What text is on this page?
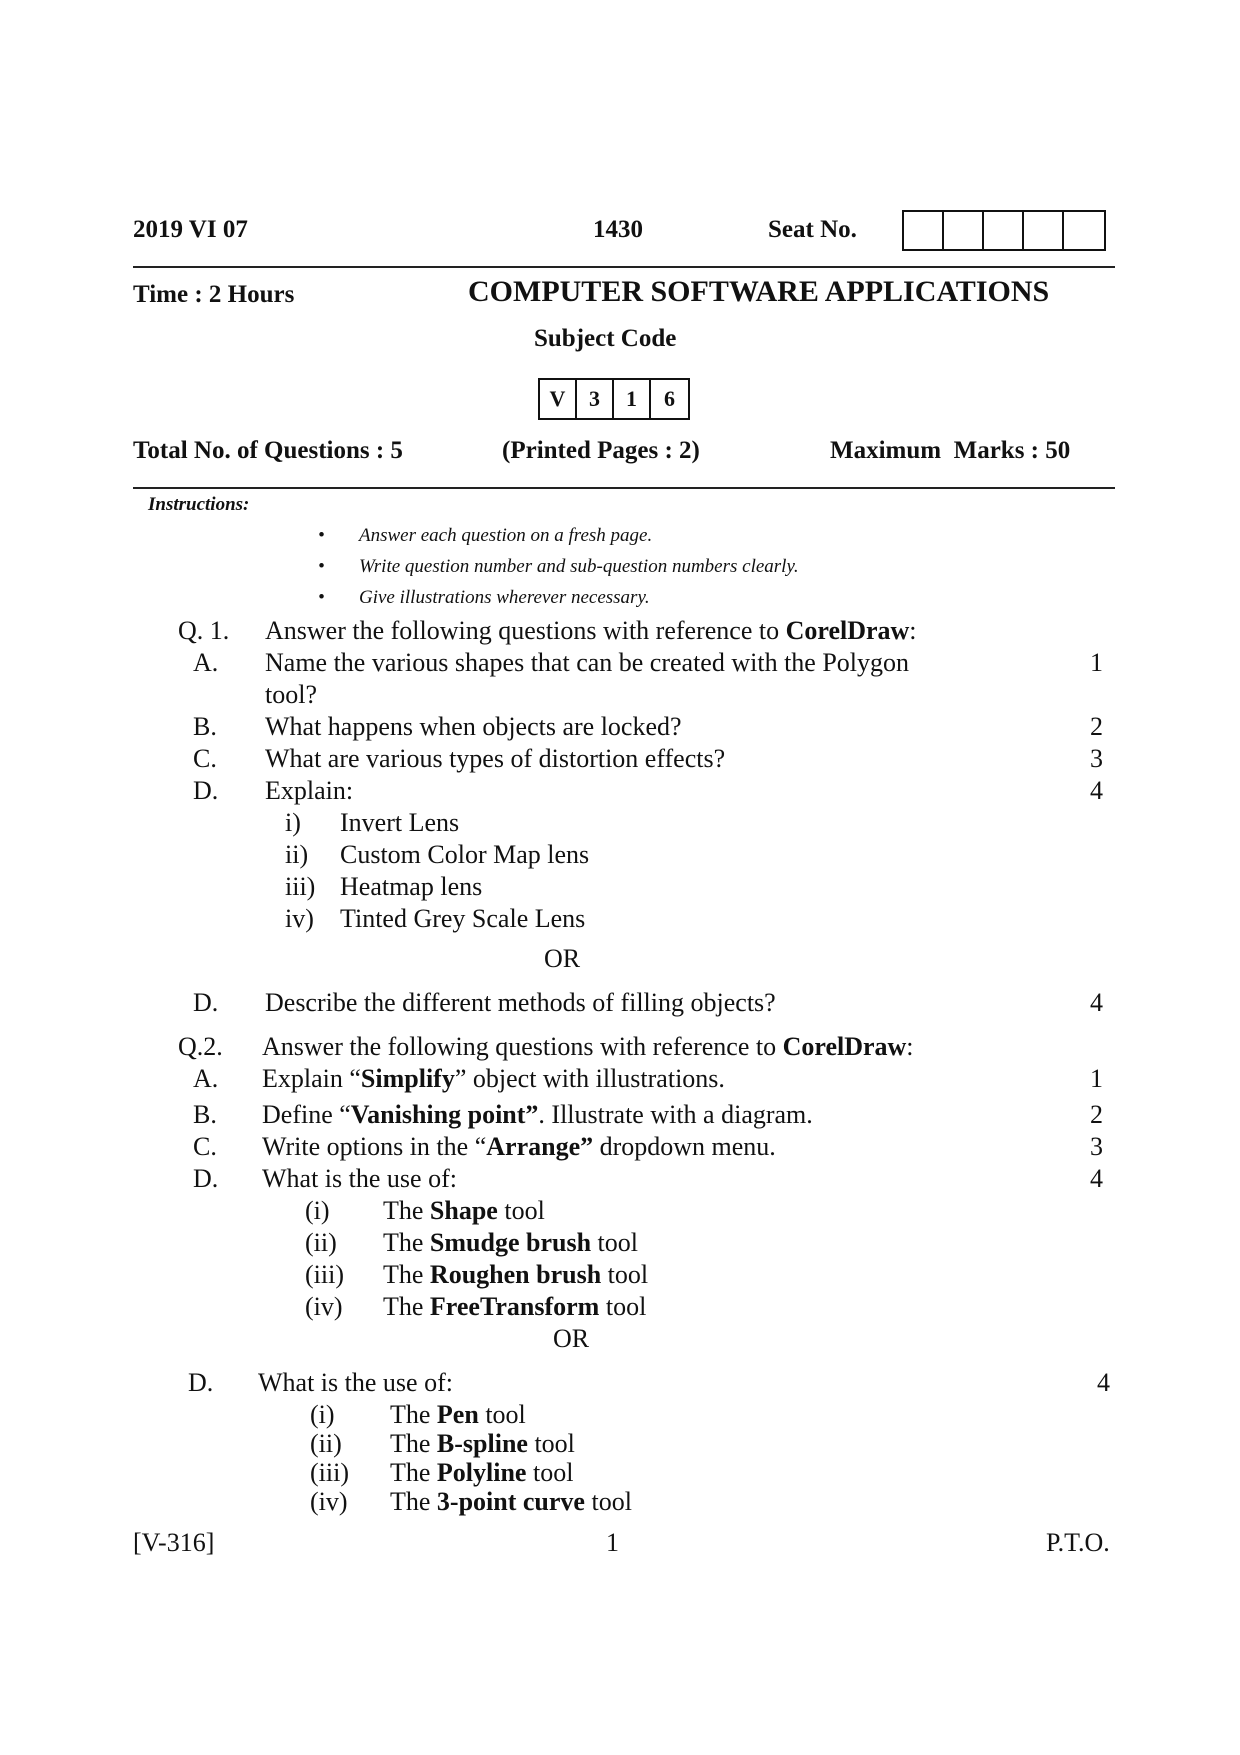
2019 VI 07	1430	Seat No.
Time : 2 Hours	COMPUTER SOFTWARE APPLICATIONS
Subject Code
V	3	1	6
Total No. of Questions : 5	(Printed Pages : 2)	Maximum  Marks : 50
Instructions:
• Answer each question on a fresh page.
• Write question number and sub-question numbers clearly.
• Give illustrations wherever necessary.
Q. 1. Answer the following questions with reference to CorelDraw:
A. Name the various shapes that can be created with the Polygon	1
tool?
B. What happens when objects are locked?	2
C. What are various types of distortion effects?	3
D. Explain:	4
i) Invert Lens
ii) Custom Color Map lens
iii) Heatmap lens
iv) Tinted Grey Scale Lens
OR
D. Describe the different methods of filling objects?	4
Q.2. Answer the following questions with reference to CorelDraw:
A. Explain “Simplify” object with illustrations.	1
B. Define “Vanishing point”. Illustrate with a diagram.	2
C. Write options in the “Arrange” dropdown menu.	3
D. What is the use of:	4
(i) The Shape tool
(ii) The Smudge brush tool
(iii) The Roughen brush tool
(iv) The FreeTransform tool
OR
D. What is the use of:	4
(i) The Pen tool
(ii) The B-spline tool
(iii) The Polyline tool
(iv) The 3-point curve tool
[V-316]	1	P.T.O.
